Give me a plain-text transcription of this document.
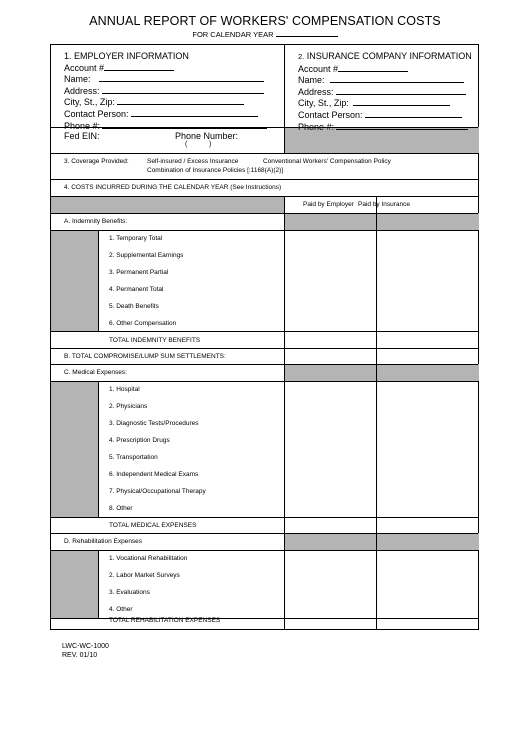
ANNUAL REPORT OF WORKERS' COMPENSATION COSTS
FOR CALENDAR YEAR
1. EMPLOYER INFORMATION
Account #
Name:
Address:
City, St., Zip:
Contact Person:
Phone #:
2. INSURANCE COMPANY INFORMATION
Account #
Name:
Address:
City, St., Zip:
Contact Person:
Phone #:
Fed EIN:	Phone Number:
(	)
3. Coverage Provided:	Self-insured / Excess Insurance	Conventional Workers' Compensation Policy
Combination of Insurance Policies [:1168(A)(2)]
4. COSTS INCURRED DURING THE CALENDAR YEAR (See Instructions)
Paid by Employer Paid by Insurance
A. Indemnity Benefits:
1. Temporary Total
2. Supplemental Earnings
3. Permanent Partial
4. Permanent Total
5. Death Benefits
6. Other Compensation
TOTAL INDEMNITY BENEFITS
B. TOTAL COMPROMISE/LUMP SUM SETTLEMENTS:
C. Medical Expenses:
1. Hospital
2. Physicians
3. Diagnostic Tests/Procedures
4. Prescription Drugs
5. Transportation
6. Independent Medical Exams
7. Physical/Occupational Therapy
8. Other
TOTAL MEDICAL EXPENSES
D. Rehabilitation Expenses
1. Vocational Rehabilitation
2. Labor Market Surveys
3. Evaluations
4. Other
TOTAL REHABILITATION EXPENSES
LWC-WC-1000
REV. 01/10
